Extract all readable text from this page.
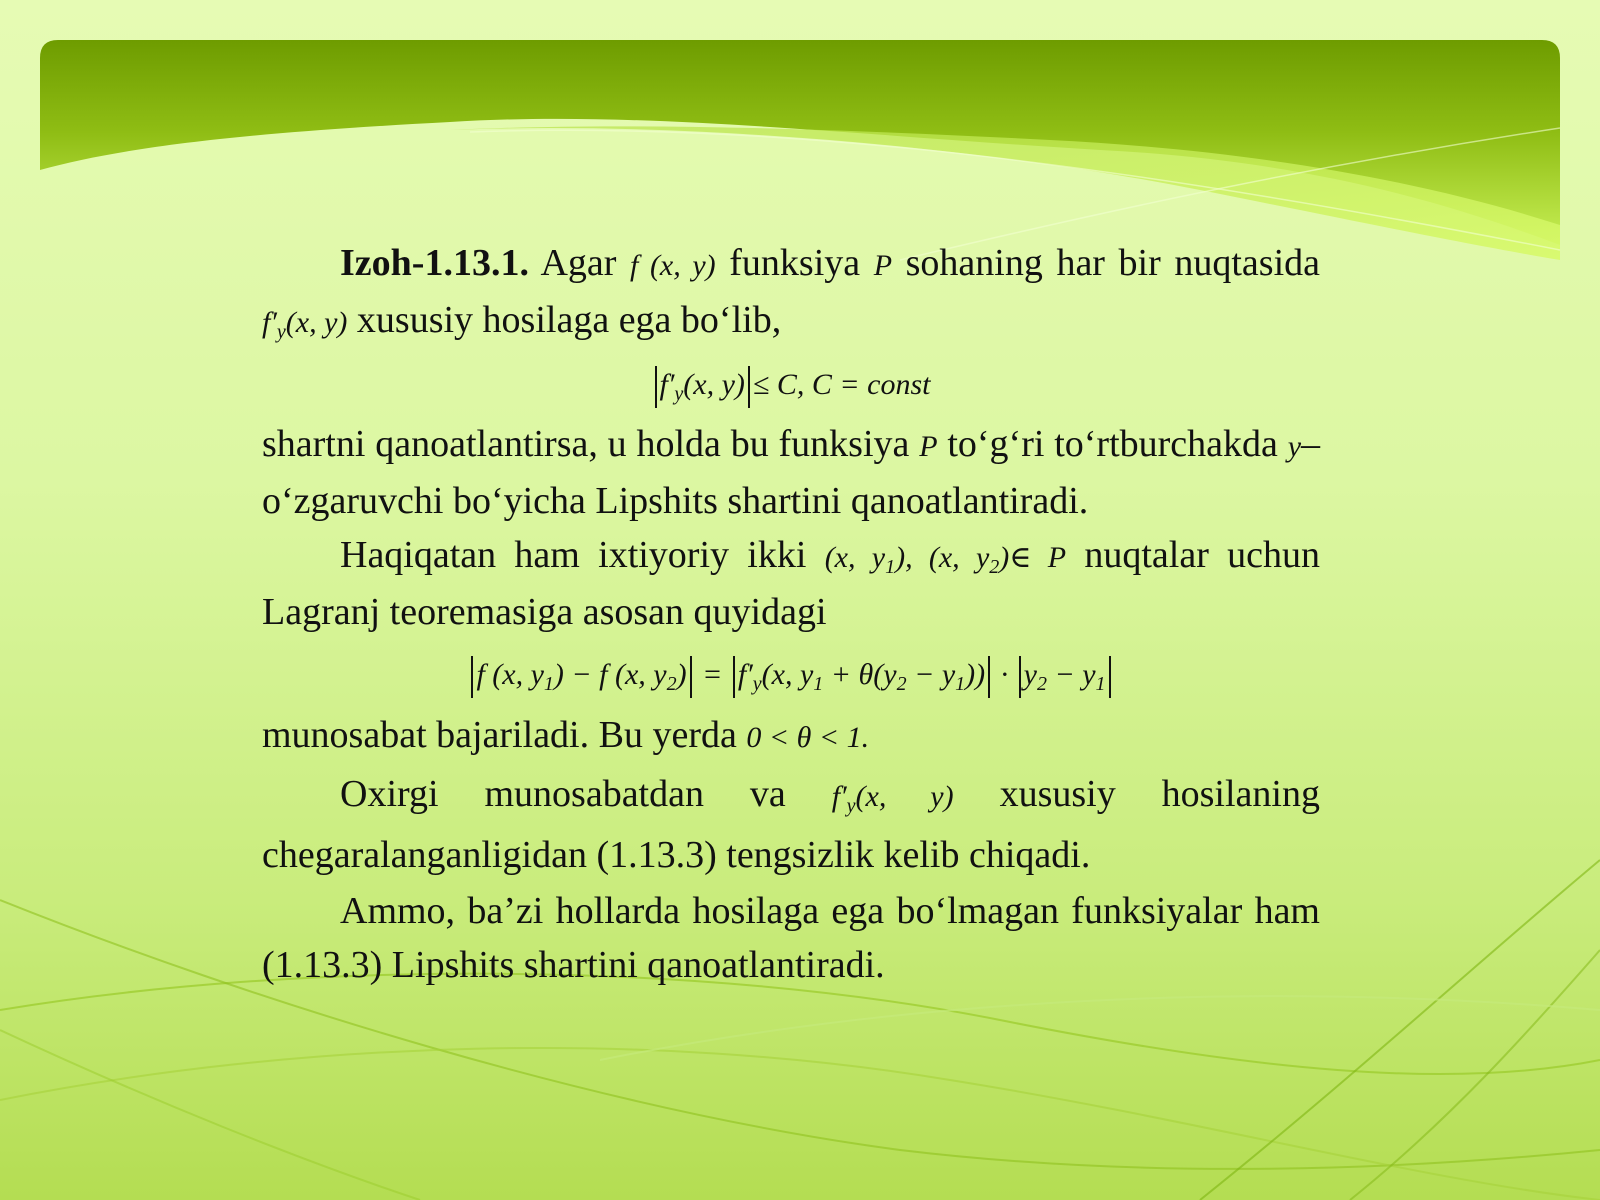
Izoh-1.13.1. Agar f (x, y) funksiya P sohaning har bir nuqtasida $f'_y(x$, y) xususiy hosilaga ega bo‘lib,

$f'_y(x$, y) ≤ C, C = const

shartni qanoatlantirsa, u holda bu funksiya P to‘g‘ri to‘rtburchakda y–o‘zgaruvchi bo‘yicha Lipshits shartini qanoatlantiradi.

Haqiqatan ham ixtiyoriy ikki (x, $y_1$), (x, $y_2)\in$ P nuqtalar uchun Lagranj teoremasiga asosan quyidagi

f (x, $y_1) - f$ (x, $y_2) = f'_y(x$, $y_1 + \theta(y_2 - y_1)) \cdot y_2 - y_1$

munosabat bajariladi. Bu yerda 0 < θ < 1.

Oxirgi munosabatdan va $f'_y(x$, y) xususiy hosilaning chegaralanganligidan (1.13.3) tengsizlik kelib chiqadi.

Ammo, ba’zi hollarda hosilaga ega bo‘lmagan funksiyalar ham (1.13.3) Lipshits shartini qanoatlantiradi.
